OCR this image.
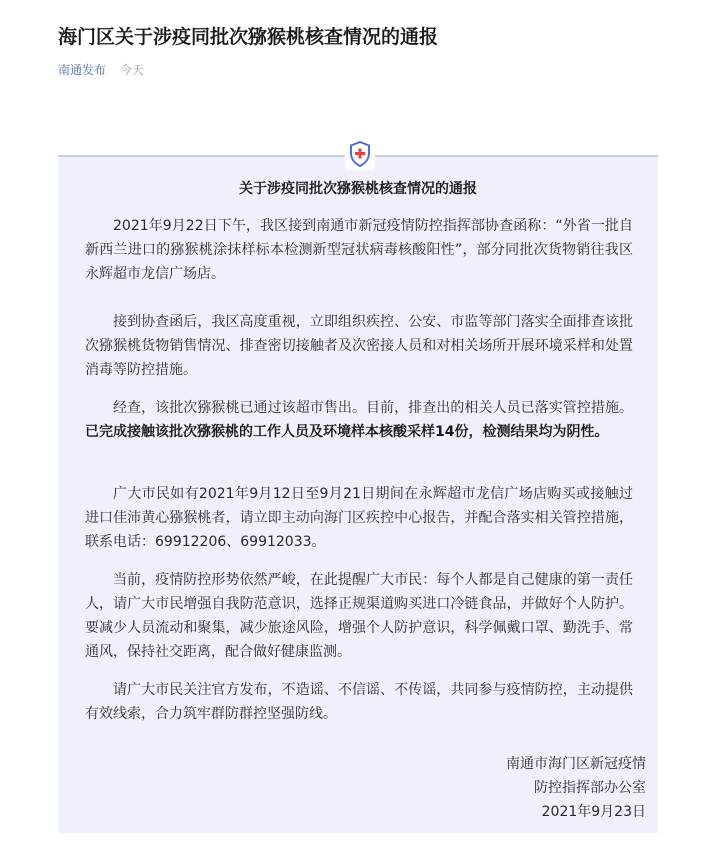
海门区关于涉疫同批次猕猴桃核查情况的通报
南通发布 今天
关于涉疫同批次猕猴桃核查情况的通报
2021年9月22日下午，我区接到南通市新冠疫情防控指挥部协查函称：“外省一批自新西兰进口的猕猴桃涂抹样标本检测新型冠状病毒核酸阳性”，部分同批次货物销往我区永辉超市龙信广场店。
接到协查函后，我区高度重视，立即组织疾控、公安、市监等部门落实全面排查该批次猕猴桃货物销售情况、排查密切接触者及次密接人员和对相关场所开展环境采样和处置消毒等防控措施。
经查，该批次猕猴桃已通过该超市售出。目前，排查出的相关人员已落实管控措施。已完成接触该批次猕猴桃的工作人员及环境样本核酸采样14份，检测结果均为阴性。
广大市民如有2021年9月12日至9月21日期间在永辉超市龙信广场店购买或接触过进口佳沛黄心猕猴桃者，请立即主动向海门区疾控中心报告，并配合落实相关管控措施，联系电话：69912206、69912033。
当前，疫情防控形势依然严峻，在此提醒广大市民：每个人都是自己健康的第一责任人，请广大市民增强自我防范意识，选择正规渠道购买进口冷链食品，并做好个人防护。要减少人员流动和聚集，减少旅途风险，增强个人防护意识，科学佩戴口罩、勤洗手、常通风，保持社交距离，配合做好健康监测。
请广大市民关注官方发布，不造谣、不信谣、不传谣，共同参与疫情防控，主动提供有效线索，合力筑牢群防群控坚强防线。
南通市海门区新冠疫情
防控指挥部办公室
2021年9月23日
